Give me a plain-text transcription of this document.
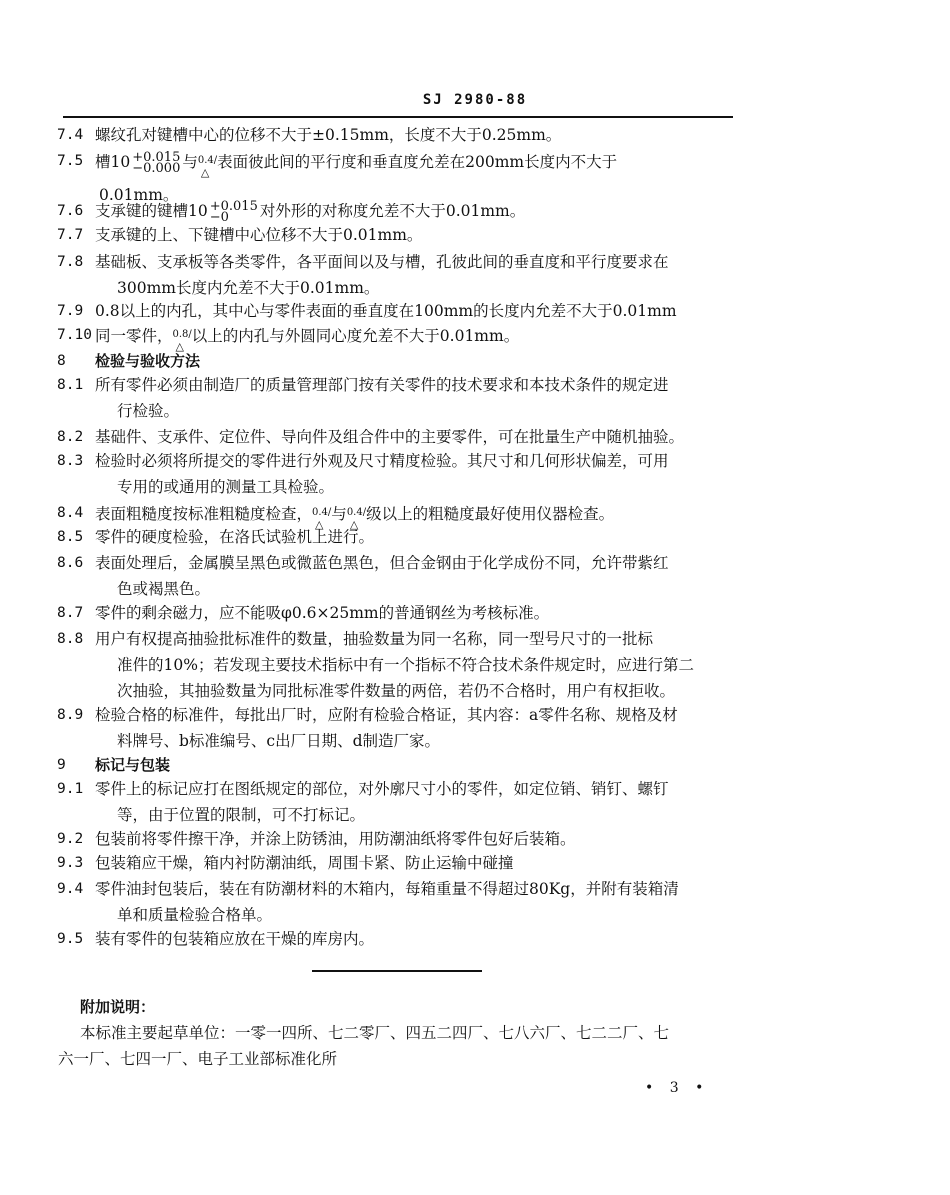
SJ 2980-88
7.4 螺纹孔对键槽中心的位移不大于±0.15mm，长度不大于0.25mm。
7.5 槽10 +0.015
−0.000 与0.4/
△
表面彼此间的平行度和垂直度允差在200mm长度内不大于
0.01mm。
7.6 支承键的键槽10 +0.015
−0	对外形的对称度允差不大于0.01mm。
7.7 支承键的上、下键槽中心位移不大于0.01mm。
7.8 基础板、支承板等各类零件，各平面间以及与槽，孔彼此间的垂直度和平行度要求在
300mm长度内允差不大于0.01mm。
7.9 0.8以上的内孔，其中心与零件表面的垂直度在100mm的长度内允差不大于0.01mm
7.10 同一零件，0.8/
△
以上的内孔与外圆同心度允差不大于0.01mm。
8 检验与验收方法
8.1 所有零件必须由制造厂的质量管理部门按有关零件的技术要求和本技术条件的规定进
行检验。
8.2 基础件、支承件、定位件、导向件及组合件中的主要零件，可在批量生产中随机抽验。
8.3 检验时必须将所提交的零件进行外观及尺寸精度检验。其尺寸和几何形状偏差，可用
专用的或通用的测量工具检验。
8.4 表面粗糙度按标准粗糙度检查，0.4/
△
与0.4/
△
级以上的粗糙度最好使用仪器检查。
8.5 零件的硬度检验，在洛氏试验机上进行。
8.6 表面处理后，金属膜呈黑色或微蓝色黑色，但合金钢由于化学成份不同，允许带紫红
色或褐黑色。
8.7 零件的剩余磁力，应不能吸φ0.6×25mm的普通钢丝为考核标准。
8.8 用户有权提高抽验批标准件的数量，抽验数量为同一名称，同一型号尺寸的一批标
准件的10%；若发现主要技术指标中有一个指标不符合技术条件规定时，应进行第二
次抽验，其抽验数量为同批标准零件数量的两倍，若仍不合格时，用户有权拒收。
8.9 检验合格的标准件，每批出厂时，应附有检验合格证，其内容：a零件名称、规格及材
料牌号、b标准编号、c出厂日期、d制造厂家。
9 标记与包装
9.1 零件上的标记应打在图纸规定的部位，对外廓尺寸小的零件，如定位销、销钉、螺钉
等，由于位置的限制，可不打标记。
9.2 包装前将零件擦干净，并涂上防锈油，用防潮油纸将零件包好后装箱。
9.3 包装箱应干燥，箱内衬防潮油纸，周围卡紧、防止运输中碰撞
9.4 零件油封包装后，装在有防潮材料的木箱内，每箱重量不得超过80Kg，并附有装箱清
单和质量检验合格单。
9.5 装有零件的包装箱应放在干燥的库房内。
附加说明：
本标准主要起草单位：一零一四所、七二零厂、四五二四厂、七八六厂、七二二厂、七
六一厂、七四一厂、电子工业部标准化所
• 3 •
